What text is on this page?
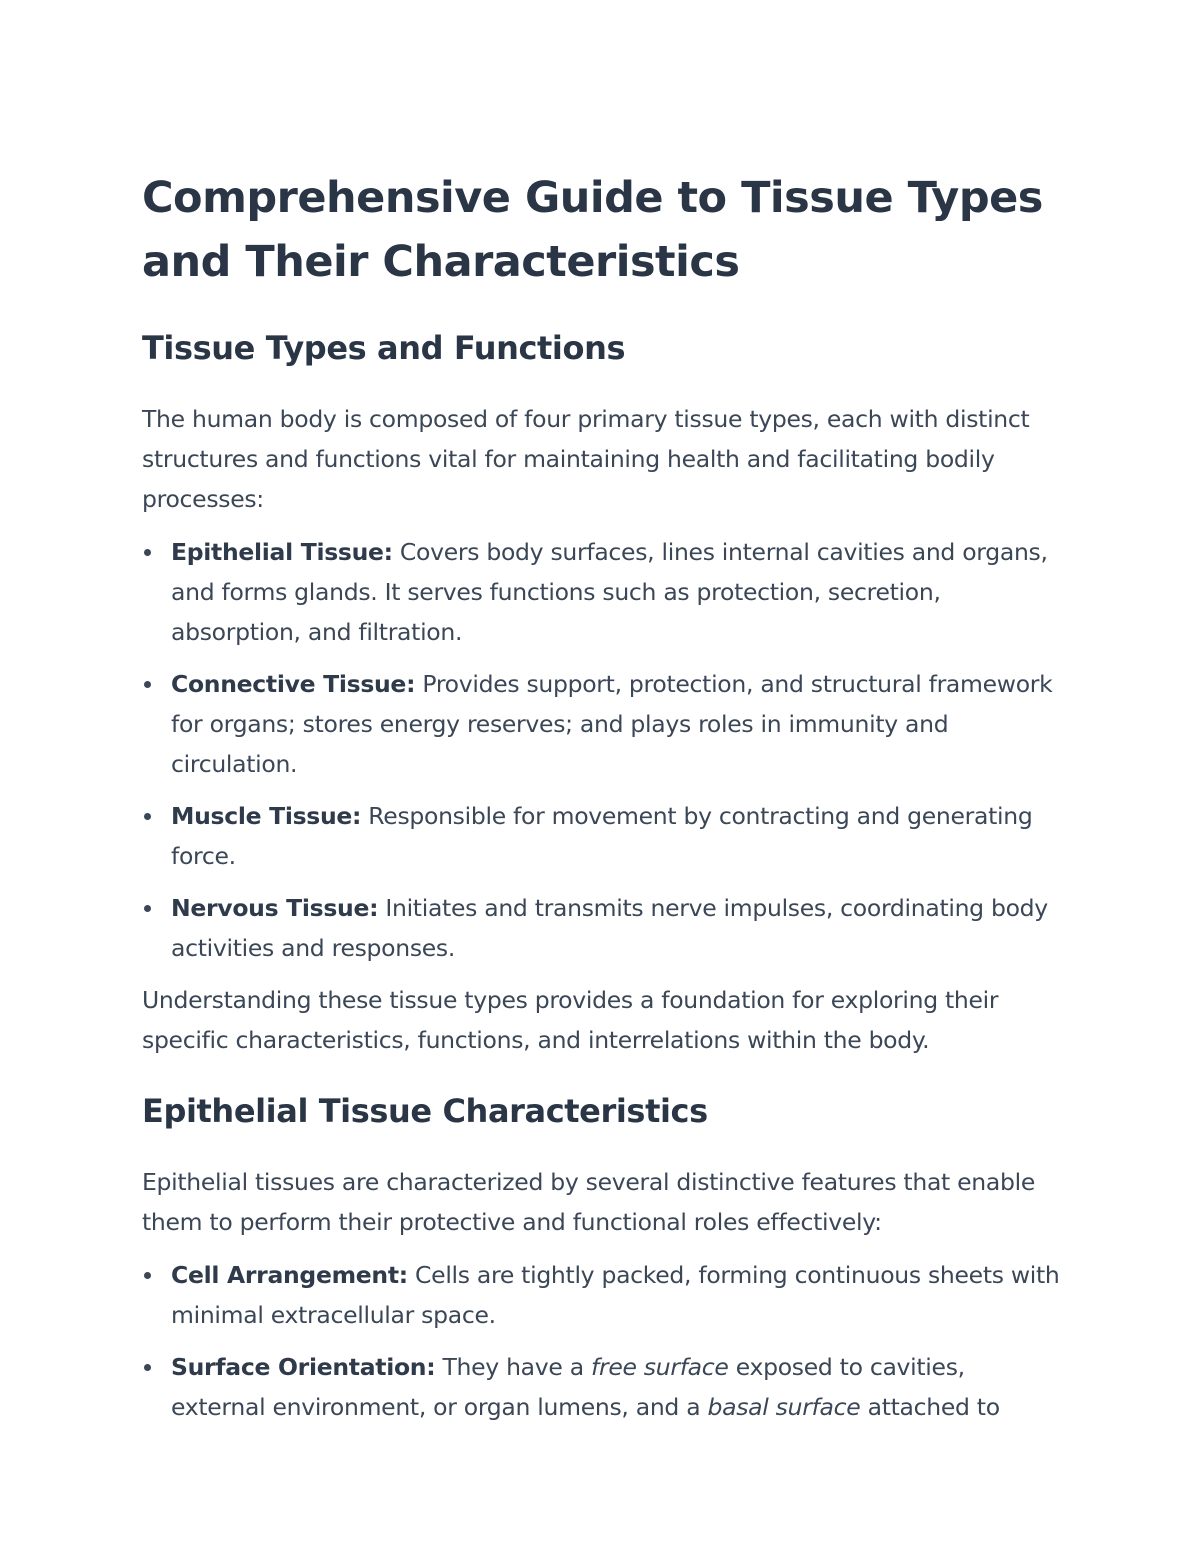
Comprehensive Guide to Tissue Types and Their Characteristics
Tissue Types and Functions

The human body is composed of four primary tissue types, each with distinct structures and functions vital for maintaining health and facilitating bodily processes:

Epithelial Tissue: Covers body surfaces, lines internal cavities and organs, and forms glands. It serves functions such as protection, secretion, absorption, and filtration.
Connective Tissue: Provides support, protection, and structural framework for organs; stores energy reserves; and plays roles in immunity and circulation.
Muscle Tissue: Responsible for movement by contracting and generating force.
Nervous Tissue: Initiates and transmits nerve impulses, coordinating body activities and responses.

Understanding these tissue types provides a foundation for exploring their specific characteristics, functions, and interrelations within the body.

Epithelial Tissue Characteristics

Epithelial tissues are characterized by several distinctive features that enable them to perform their protective and functional roles effectively:

Cell Arrangement: Cells are tightly packed, forming continuous sheets with minimal extracellular space.
Surface Orientation: They have a free surface exposed to cavities, external environment, or organ lumens, and a basal surface attached to
